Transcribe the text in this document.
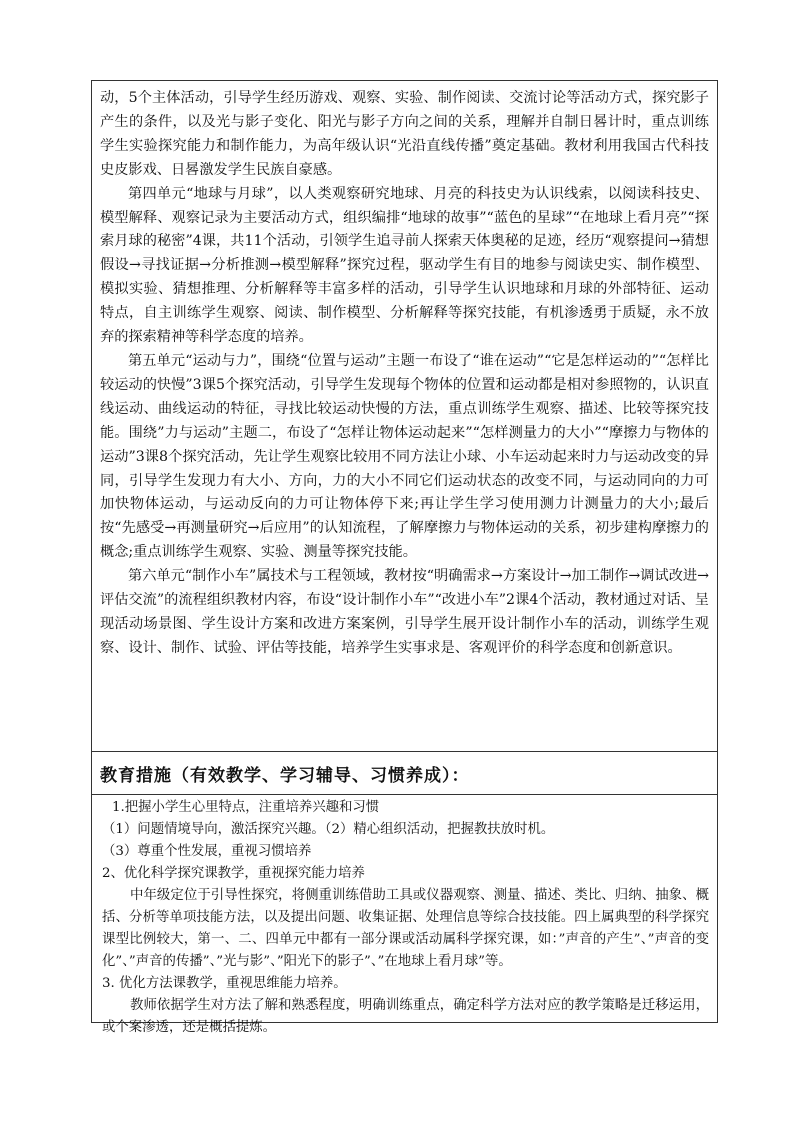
动，5个主体活动，引导学生经历游戏、观察、实验、制作阅读、交流讨论等活动方式，探究影子产生的条件，以及光与影子变化、阳光与影子方向之间的关系，理解并自制日晷计时，重点训练学生实验探究能力和制作能力，为高年级认识“光沿直线传播”奠定基础。教材利用我国古代科技史皮影戏、日晷激发学生民族自豪感。

第四单元“地球与月球”，以人类观察研究地球、月亮的科技史为认识线索，以阅读科技史、模型解释、观察记录为主要活动方式，组织编排“地球的故事”“蓝色的星球”“在地球上看月亮”“探索月球的秘密”4课，共11个活动，引领学生追寻前人探索天体奥秘的足迹，经历“观察提问→猜想假设→寻找证据→分析推测→模型解释”探究过程，驱动学生有目的地参与阅读史实、制作模型、模拟实验、猜想推理、分析解释等丰富多样的活动，引导学生认识地球和月球的外部特征、运动特点，自主训练学生观察、阅读、制作模型、分析解释等探究技能，有机渗透勇于质疑，永不放弃的探索精神等科学态度的培养。

第五单元“运动与力”，围绕“位置与运动”主题一布设了“谁在运动”“它是怎样运动的”“怎样比较运动的快慢”3课5个探究活动，引导学生发现每个物体的位置和运动都是相对参照物的，认识直线运动、曲线运动的特征，寻找比较运动快慢的方法，重点训练学生观察、描述、比较等探究技能。围绕”力与运动”主题二，布设了“怎样让物体运动起来”“怎样测量力的大小”“摩擦力与物体的运动”3课8个探究活动，先让学生观察比较用不同方法让小球、小车运动起来时力与运动改变的异同，引导学生发现力有大小、方向，力的大小不同它们运动状态的改变不同，与运动同向的力可加快物体运动，与运动反向的力可让物体停下来;再让学生学习使用测力计测量力的大小;最后按“先感受→再测量研究→后应用”的认知流程，了解摩擦力与物体运动的关系，初步建构摩擦力的概念;重点训练学生观察、实验、测量等探究技能。

第六单元“制作小车”属技术与工程领域，教材按“明确需求→方案设计→加工制作→调试改进→评估交流”的流程组织教材内容，布设“设计制作小车”“改进小车”2课4个活动，教材通过对话、呈现活动场景图、学生设计方案和改进方案案例，引导学生展开设计制作小车的活动，训练学生观察、设计、制作、试验、评估等技能，培养学生实事求是、客观评价的科学态度和创新意识。

教育措施（有效教学、学习辅导、习惯养成）：

1.把握小学生心里特点，注重培养兴趣和习惯

（1）问题情境导向，激活探究兴趣。（2）精心组织活动，把握教扶放时机。

（3）尊重个性发展，重视习惯培养

2、优化科学探究课教学，重视探究能力培养

中年级定位于引导性探究，将侧重训练借助工具或仪器观察、测量、描述、类比、归纳、抽象、概括、分析等单项技能方法，以及提出问题、收集证据、处理信息等综合技技能。四上属典型的科学探究课型比例较大，第一、二、四单元中都有一部分课或活动属科学探究课，如：”声音的产生”、”声音的变化”、”声音的传播”、”光与影”、”阳光下的影子”、”在地球上看月球”等。

3. 优化方法课教学，重视思维能力培养。

教师依据学生对方法了解和熟悉程度，明确训练重点，确定科学方法对应的教学策略是迁移运用，或个案渗透，还是概括提炼。
